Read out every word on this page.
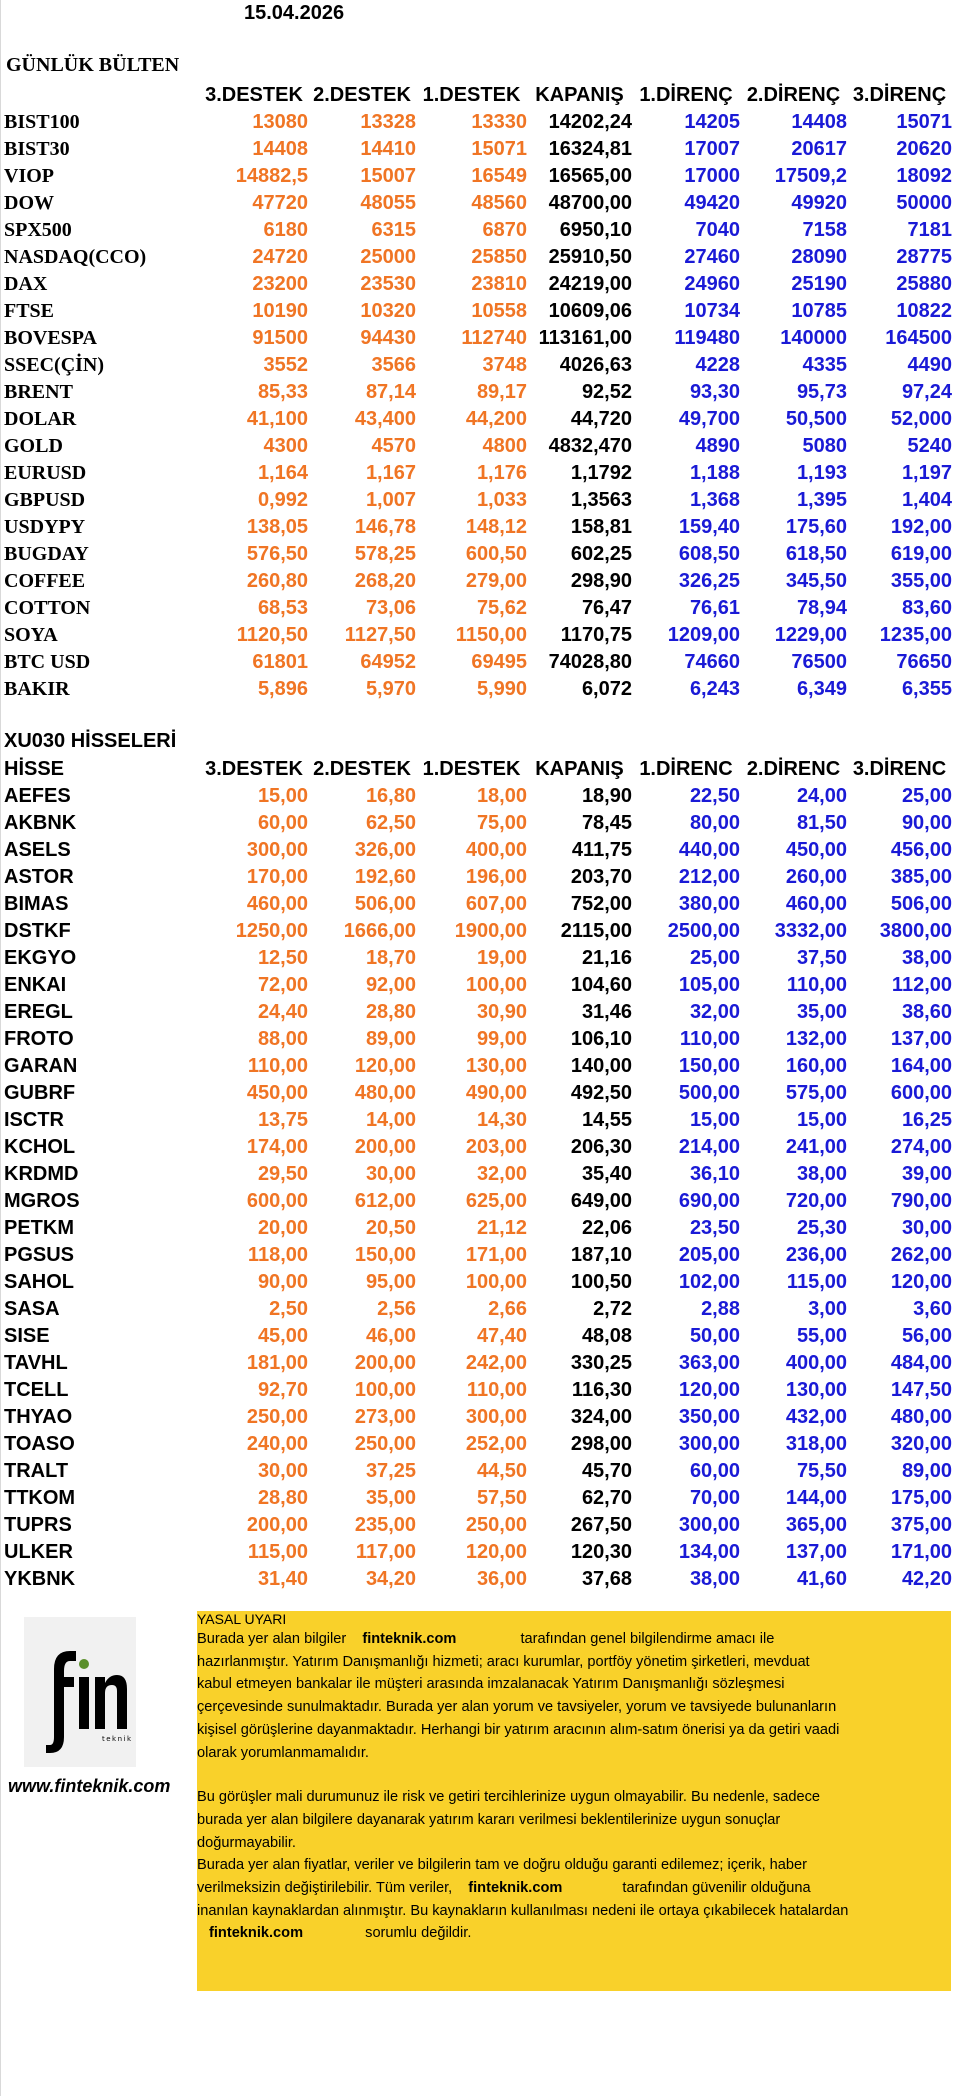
15.04.2026
GÜNLÜK BÜLTEN
	3.DESTEK	2.DESTEK	1.DESTEK	KAPANIŞ	1.DİRENÇ	2.DİRENÇ	3.DİRENÇ
BIST100	13080	13328	13330	14202,24	14205	14408	15071
BIST30	14408	14410	15071	16324,81	17007	20617	20620
VIOP	14882,5	15007	16549	16565,00	17000	17509,2	18092
DOW	47720	48055	48560	48700,00	49420	49920	50000
SPX500	6180	6315	6870	6950,10	7040	7158	7181
NASDAQ(CCO)	24720	25000	25850	25910,50	27460	28090	28775
DAX	23200	23530	23810	24219,00	24960	25190	25880
FTSE	10190	10320	10558	10609,06	10734	10785	10822
BOVESPA	91500	94430	112740	113161,00	119480	140000	164500
SSEC(ÇİN)	3552	3566	3748	4026,63	4228	4335	4490
BRENT	85,33	87,14	89,17	92,52	93,30	95,73	97,24
DOLAR	41,100	43,400	44,200	44,720	49,700	50,500	52,000
GOLD	4300	4570	4800	4832,470	4890	5080	5240
EURUSD	1,164	1,167	1,176	1,1792	1,188	1,193	1,197
GBPUSD	0,992	1,007	1,033	1,3563	1,368	1,395	1,404
USDYPY	138,05	146,78	148,12	158,81	159,40	175,60	192,00
BUGDAY	576,50	578,25	600,50	602,25	608,50	618,50	619,00
COFFEE	260,80	268,20	279,00	298,90	326,25	345,50	355,00
COTTON	68,53	73,06	75,62	76,47	76,61	78,94	83,60
SOYA	1120,50	1127,50	1150,00	1170,75	1209,00	1229,00	1235,00
BTC USD	61801	64952	69495	74028,80	74660	76500	76650
BAKIR	5,896	5,970	5,990	6,072	6,243	6,349	6,355
XU030 HİSSELERİ
HİSSE	3.DESTEK	2.DESTEK	1.DESTEK	KAPANIŞ	1.DİRENC	2.DİRENC	3.DİRENC
AEFES	15,00	16,80	18,00	18,90	22,50	24,00	25,00
AKBNK	60,00	62,50	75,00	78,45	80,00	81,50	90,00
ASELS	300,00	326,00	400,00	411,75	440,00	450,00	456,00
ASTOR	170,00	192,60	196,00	203,70	212,00	260,00	385,00
BIMAS	460,00	506,00	607,00	752,00	380,00	460,00	506,00
DSTKF	1250,00	1666,00	1900,00	2115,00	2500,00	3332,00	3800,00
EKGYO	12,50	18,70	19,00	21,16	25,00	37,50	38,00
ENKAI	72,00	92,00	100,00	104,60	105,00	110,00	112,00
EREGL	24,40	28,80	30,90	31,46	32,00	35,00	38,60
FROTO	88,00	89,00	99,00	106,10	110,00	132,00	137,00
GARAN	110,00	120,00	130,00	140,00	150,00	160,00	164,00
GUBRF	450,00	480,00	490,00	492,50	500,00	575,00	600,00
ISCTR	13,75	14,00	14,30	14,55	15,00	15,00	16,25
KCHOL	174,00	200,00	203,00	206,30	214,00	241,00	274,00
KRDMD	29,50	30,00	32,00	35,40	36,10	38,00	39,00
MGROS	600,00	612,00	625,00	649,00	690,00	720,00	790,00
PETKM	20,00	20,50	21,12	22,06	23,50	25,30	30,00
PGSUS	118,00	150,00	171,00	187,10	205,00	236,00	262,00
SAHOL	90,00	95,00	100,00	100,50	102,00	115,00	120,00
SASA	2,50	2,56	2,66	2,72	2,88	3,00	3,60
SISE	45,00	46,00	47,40	48,08	50,00	55,00	56,00
TAVHL	181,00	200,00	242,00	330,25	363,00	400,00	484,00
TCELL	92,70	100,00	110,00	116,30	120,00	130,00	147,50
THYAO	250,00	273,00	300,00	324,00	350,00	432,00	480,00
TOASO	240,00	250,00	252,00	298,00	300,00	318,00	320,00
TRALT	30,00	37,25	44,50	45,70	60,00	75,50	89,00
TTKOM	28,80	35,00	57,50	62,70	70,00	144,00	175,00
TUPRS	200,00	235,00	250,00	267,50	300,00	365,00	375,00
ULKER	115,00	117,00	120,00	120,30	134,00	137,00	171,00
YKBNK	31,40	34,20	36,00	37,68	38,00	41,60	42,20
teknik
www.finteknik.com

YASAL UYARI

Burada yer alan bilgiler finteknik.com	tarafından genel bilgilendirme amacı ile

hazırlanmıştır. Yatırım Danışmanlığı hizmeti; aracı kurumlar, portföy yönetim şirketleri, mevduat

kabul etmeyen bankalar ile müşteri arasında imzalanacak Yatırım Danışmanlığı sözleşmesi

çerçevesinde sunulmaktadır. Burada yer alan yorum ve tavsiyeler, yorum ve tavsiyede bulunanların

kişisel görüşlerine dayanmaktadır. Herhangi bir yatırım aracının alım-satım önerisi ya da getiri vaadi

olarak yorumlanmamalıdır.

Bu görüşler mali durumunuz ile risk ve getiri tercihlerinize uygun olmayabilir. Bu nedenle, sadece

burada yer alan bilgilere dayanarak yatırım kararı verilmesi beklentilerinize uygun sonuçlar

doğurmayabilir.

Burada yer alan fiyatlar, veriler ve bilgilerin tam ve doğru olduğu garanti edilemez; içerik, haber

verilmeksizin değiştirilebilir. Tüm veriler, finteknik.com	tarafından güvenilir olduğuna

inanılan kaynaklardan alınmıştır. Bu kaynakların kullanılması nedeni ile ortaya çıkabilecek hatalardan

finteknik.com	sorumlu değildir.
